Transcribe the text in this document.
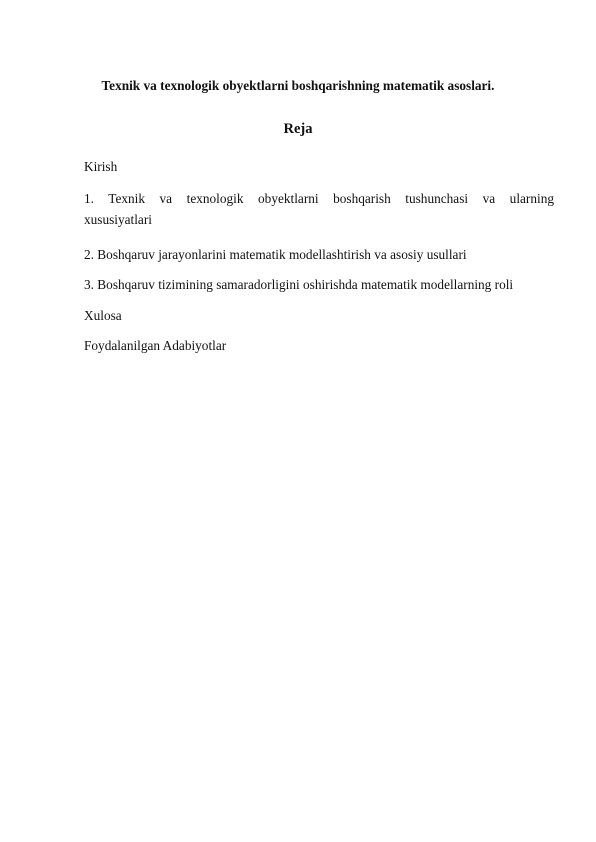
Texnik va texnologik obyektlarni boshqarishning matematik asoslari.
Reja
Kirish
1. Texnik va texnologik obyektlarni boshqarish tushunchasi va ularning
xususiyatlari
2. Boshqaruv jarayonlarini matematik modellashtirish va asosiy usullari
3. Boshqaruv tizimining samaradorligini oshirishda matematik modellarning roli
Xulosa
Foydalanilgan Adabiyotlar
